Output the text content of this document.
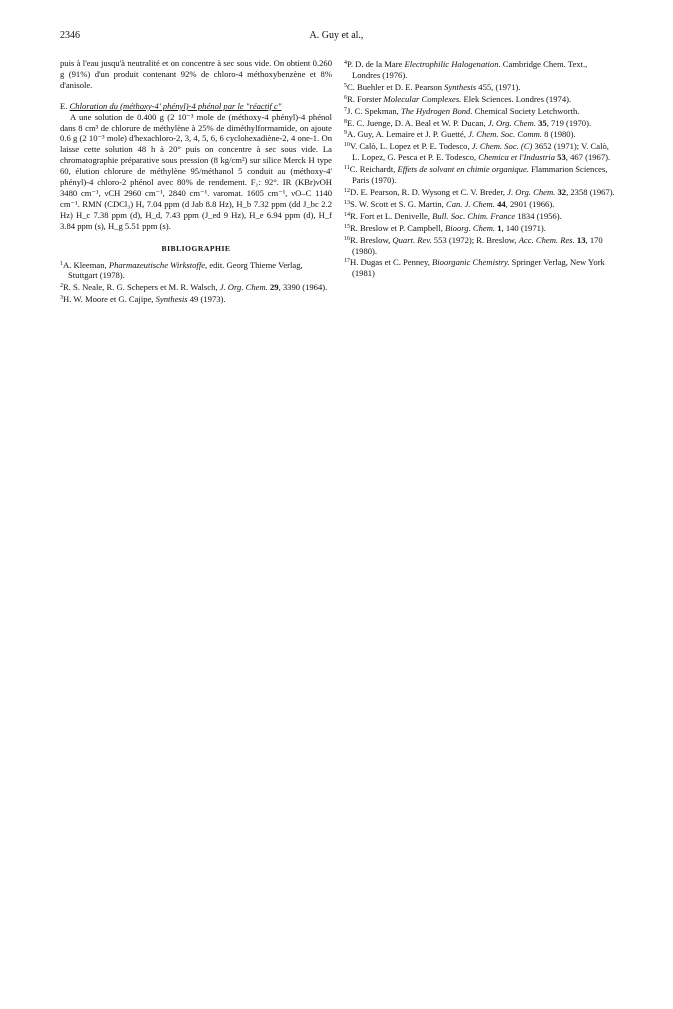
2346	A. Guy et al.,

puis à l'eau jusqu'à neutralité et on concentre à sec sous vide. On obtient 0.260 g (91%) d'un produit contenant 92% de chloro-4 méthoxybenzène et 8% d'anisole.

E. Chloration du (méthoxy-4' phényl)-4 phénol par le "réactif c"

A une solution de 0.400 g (2 10⁻³ mole de (méthoxy-4 phényl)-4 phénol dans 8 cm³ de chlorure de méthylène à 25% de diméthylformamide, on ajoute 0.6 g (2 10⁻³ mole) d'hexachloro-2, 3, 4, 5, 6, 6 cyclohexadiène-2, 4 one-1. On laisse cette solution 48 h à 20° puis on concentre à sec sous vide. La chromatographie préparative sous pression (8 kg/cm²) sur silice Merck H type 60, élution chlorure de méthylène 95/méthanol 5 conduit au (méthoxy-4' phényl)-4 chloro-2 phénol avec 80% de rendement. F₁: 92°. IR (KBr)νOH 3480 cm⁻¹, νCH 2960 cm⁻¹, 2840 cm⁻¹. νaromat. 1605 cm⁻¹, νO–C 1140 cm⁻¹. RMN (CDCl₃) Hₐ 7.04 ppm (d Jab 8.8 Hz), H_b 7.32 ppm (dd J_bc 2.2 Hz) H_c 7.38 ppm (d), H_d, 7.43 ppm (J_ed 9 Hz), H_e 6.94 ppm (d), H_f 3.84 ppm (s), H_g 5.51 ppm (s).

BIBLIOGRAPHIE

$^1$A. Kleeman, Pharmazeutische Wirkstoffe, edit. Georg Thieme Verlag, Stuttgart (1978).

$^2$R. S. Neale, R. G. Schepers et M. R. Walsch, J. Org. Chem. 29, 3390 (1964).

$^3$H. W. Moore et G. Cajipe, Synthesis 49 (1973).

$^4$P. D. de la Mare Electrophilic Halogenation. Cambridge Chem. Text., Londres (1976).

$^5$C. Buehler et D. E. Pearson Synthesis 455, (1971).

$^6$R. Forster Molecular Complexes. Elek Sciences. Londres (1974).

$^7$J. C. Spekman, The Hydrogen Bond. Chemical Society Letchworth.

$^8$E. C. Juenge, D. A. Beal et W. P. Ducan, J. Org. Chem. 35, 719 (1970).

$^9$A. Guy, A. Lemaire et J. P. Guetté, J. Chem. Soc. Comm. 8 (1980).

$^{10}$V. Calò, L. Lopez et P. E. Todesco, J. Chem. Soc. (C) 3652 (1971); V. Calò, L. Lopez, G. Pesca et P. E. Todesco, Chemica et l'Industria 53, 467 (1967).

$^{11}$C. Reichardt, Effets de solvant en chimie organique. Flammarion Sciences, Paris (1970).

$^{12}$D. E. Pearson, R. D. Wysong et C. V. Breder, J. Org. Chem. 32, 2358 (1967).

$^{13}$S. W. Scott et S. G. Martin, Can. J. Chem. 44, 2901 (1966).

$^{14}$R. Fort et L. Denivelle, Bull. Soc. Chim. France 1834 (1956).

$^{15}$R. Breslow et P. Campbell, Bioorg. Chem. 1, 140 (1971).

$^{16}$R. Breslow, Quart. Rev. 553 (1972); R. Breslow, Acc. Chem. Res. 13, 170 (1980).

$^{17}$H. Dugas et C. Penney, Bioorganic Chemistry. Springer Verlag, New York (1981)
